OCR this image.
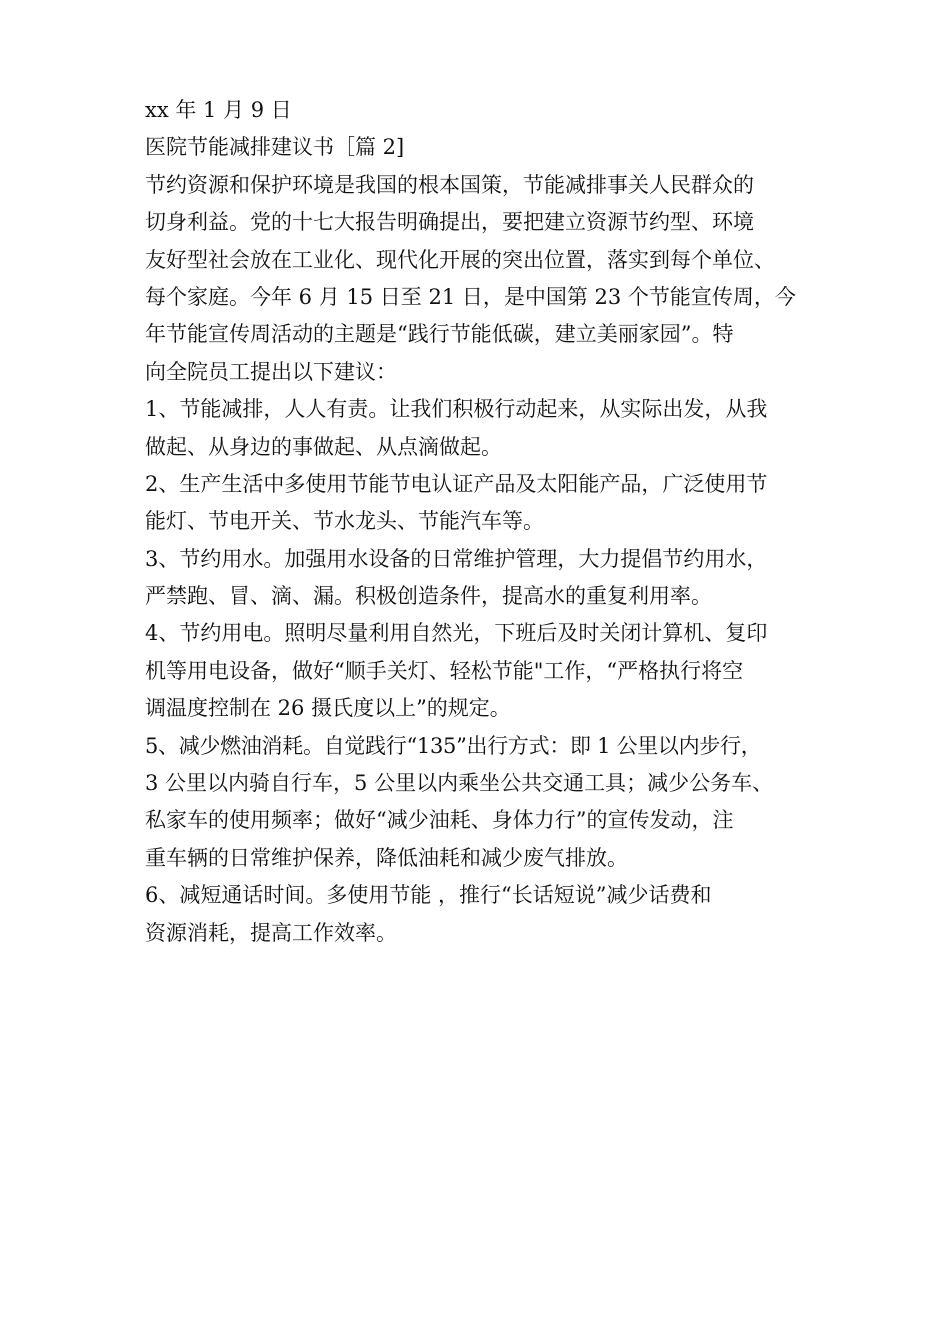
xx 年 1 月 9 日
医院节能减排建议书［篇 2]
节约资源和保护环境是我国的根本国策，节能减排事关人民群众的
切身利益。党的十七大报告明确提出，要把建立资源节约型、环境
友好型社会放在工业化、现代化开展的突出位置，落实到每个单位、
每个家庭。今年 6 月 15 日至 21 日，是中国第 23 个节能宣传周，今
年节能宣传周活动的主题是“践行节能低碳，建立美丽家园”。特
向全院员工提出以下建议：
1、节能减排，人人有责。让我们积极行动起来，从实际出发，从我
做起、从身边的事做起、从点滴做起。
2、生产生活中多使用节能节电认证产品及太阳能产品，广泛使用节
能灯、节电开关、节水龙头、节能汽车等。
3、节约用水。加强用水设备的日常维护管理，大力提倡节约用水，
严禁跑、冒、滴、漏。积极创造条件，提高水的重复利用率。
4、节约用电。照明尽量利用自然光，下班后及时关闭计算机、复印
机等用电设备，做好“顺手关灯、轻松节能"工作，“严格执行将空
调温度控制在 26 摄氏度以上”的规定。
5、减少燃油消耗。自觉践行“135”出行方式：即 1 公里以内步行，
3 公里以内骑自行车，5 公里以内乘坐公共交通工具；减少公务车、
私家车的使用频率；做好“减少油耗、身体力行”的宣传发动，注
重车辆的日常维护保养，降低油耗和减少废气排放。
6、减短通话时间。多使用节能 ，推行“长话短说”减少话费和
资源消耗，提高工作效率。
